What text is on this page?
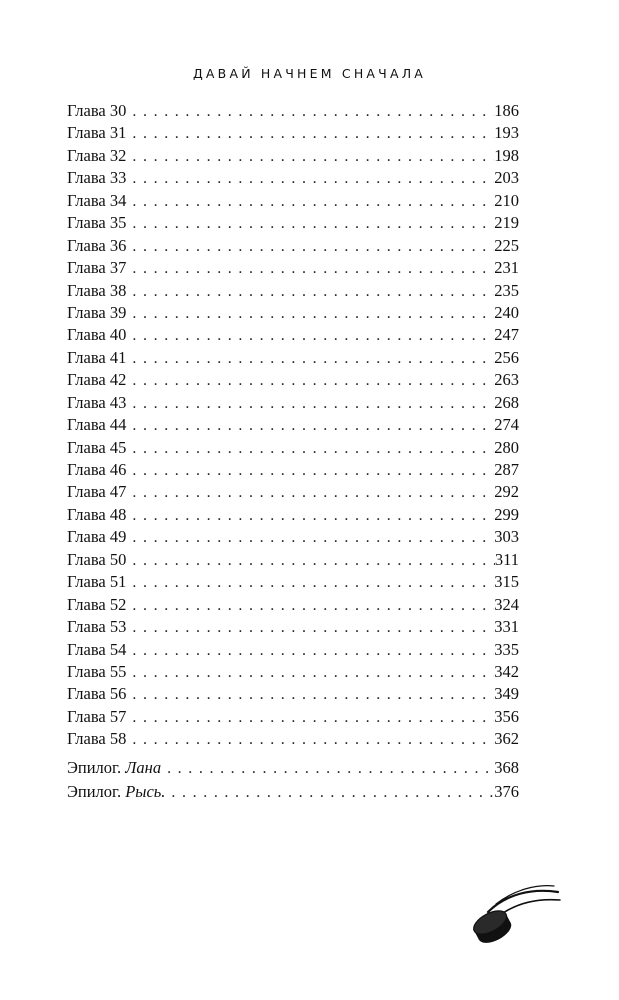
ДАВАЙ НАЧНЕМ СНАЧАЛА
Глава 30 . . .	186
Глава 31 . . .	193
Глава 32 . . .	198
Глава 33 . . .	203
Глава 34 . . .	210
Глава 35 . . .	219
Глава 36 . . .	225
Глава 37 . . .	231
Глава 38 . . .	235
Глава 39 . . .	240
Глава 40 . . .	247
Глава 41 . . .	256
Глава 42 . . .	263
Глава 43 . . .	268
Глава 44 . . .	274
Глава 45 . . .	280
Глава 46 . . .	287
Глава 47 . . .	292
Глава 48 . . .	299
Глава 49 . . .	303
Глава 50 . . .	311
Глава 51 . . .	315
Глава 52 . . .	324
Глава 53 . . .	331
Глава 54 . . .	335
Глава 55 . . .	342
Глава 56 . . .	349
Глава 57 . . .	356
Глава 58 . . .	362
Эпилог. Лана . . .	368
Эпилог. Рысь. . . .	376
